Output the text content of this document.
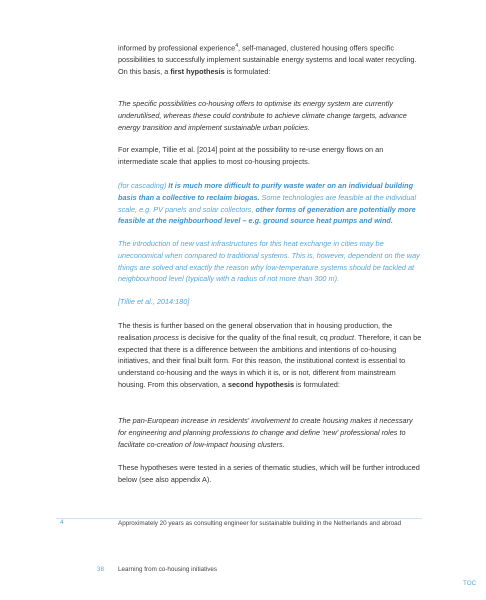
informed by professional experience$^4$, self-managed, clustered housing offers specific possibilities to successfully implement sustainable energy systems and local water recycling. On this basis, a first hypothesis is formulated:

The specific possibilities co-housing offers to optimise its energy system are currently underutilised, whereas these could contribute to achieve climate change targets, advance energy transition and implement sustainable urban policies.

For example, Tillie et al. [2014] point at the possibility to re-use energy flows on an intermediate scale that applies to most co-housing projects.

(for cascading) It is much more difficult to purify waste water on an individual building basis than a collective to reclaim biogas. Some technologies are feasible at the individual scale, e.g. PV panels and solar collectors, other forms of generation are potentially more feasible at the neighbourhood level – e.g. ground source heat pumps and wind.

The introduction of new vast infrastructures for this heat exchange in cities may be uneconomical when compared to traditional systems. This is, however, dependent on the way things are solved and exactly the reason why low-temperature systems should be tackled at neighbourhood level (typically with a radius of not more than 300 m).

[Tillie et al., 2014:180]

The thesis is further based on the general observation that in housing production, the realisation process is decisive for the quality of the final result, cq product. Therefore, it can be expected that there is a difference between the ambitions and intentions of co-housing initiatives, and their final built form. For this reason, the institutional context is essential to understand co-housing and the ways in which it is, or is not, different from mainstream housing. From this observation, a second hypothesis is formulated:

The pan-European increase in residents' involvement to create housing makes it necessary for engineering and planning professions to change and define 'new' professional roles to facilitate co-creation of low-impact housing clusters.

These hypotheses were tested in a series of thematic studies, which will be further introduced below (see also appendix A).

4	Approximately 20 years as consulting engineer for sustainable building in the Netherlands and abroad
38 Learning from co-housing initiatives
TOC
